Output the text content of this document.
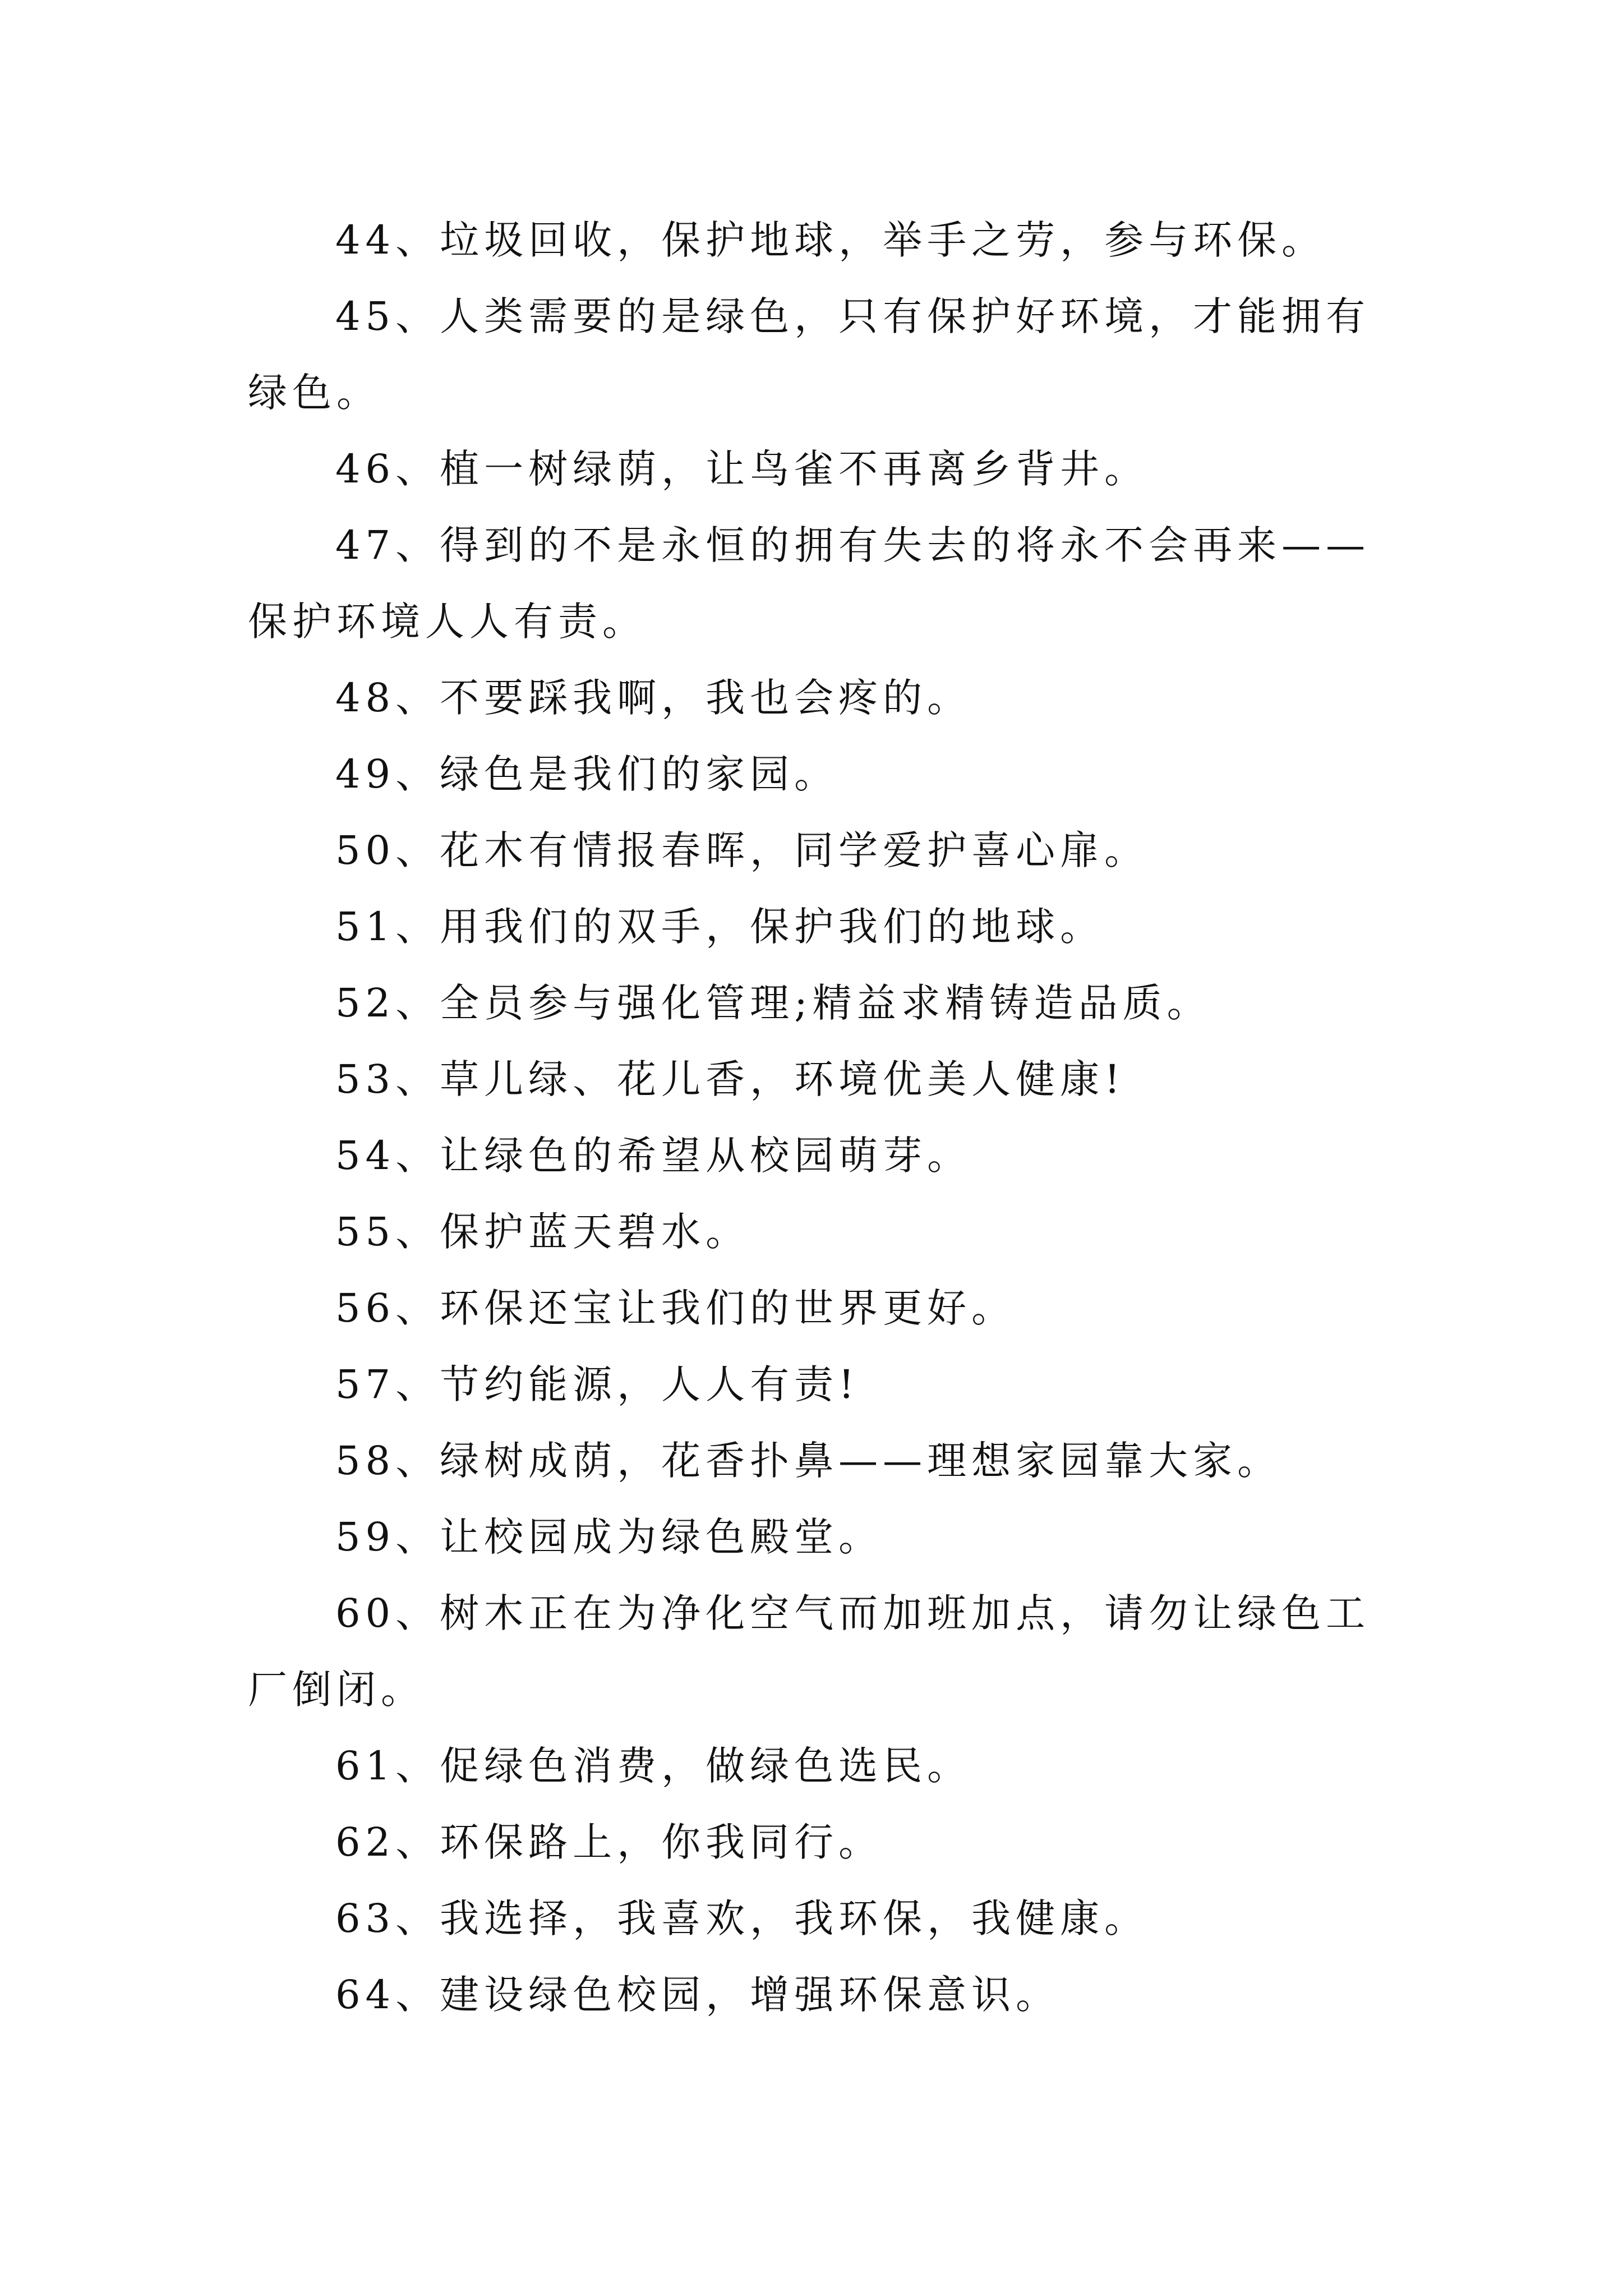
44、垃圾回收，保护地球，举手之劳，参与环保。

45、人类需要的是绿色，只有保护好环境，才能拥有绿色。

46、植一树绿荫，让鸟雀不再离乡背井。

47、得到的不是永恒的拥有失去的将永不会再来——保护环境人人有责。

48、不要踩我啊，我也会疼的。

49、绿色是我们的家园。

50、花木有情报春晖，同学爱护喜心扉。

51、用我们的双手，保护我们的地球。

52、全员参与强化管理;精益求精铸造品质。

53、草儿绿、花儿香，环境优美人健康!

54、让绿色的希望从校园萌芽。

55、保护蓝天碧水。

56、环保还宝让我们的世界更好。

57、节约能源，人人有责!

58、绿树成荫，花香扑鼻——理想家园靠大家。

59、让校园成为绿色殿堂。

60、树木正在为净化空气而加班加点，请勿让绿色工厂倒闭。

61、促绿色消费，做绿色选民。

62、环保路上，你我同行。

63、我选择，我喜欢，我环保，我健康。

64、建设绿色校园，增强环保意识。
